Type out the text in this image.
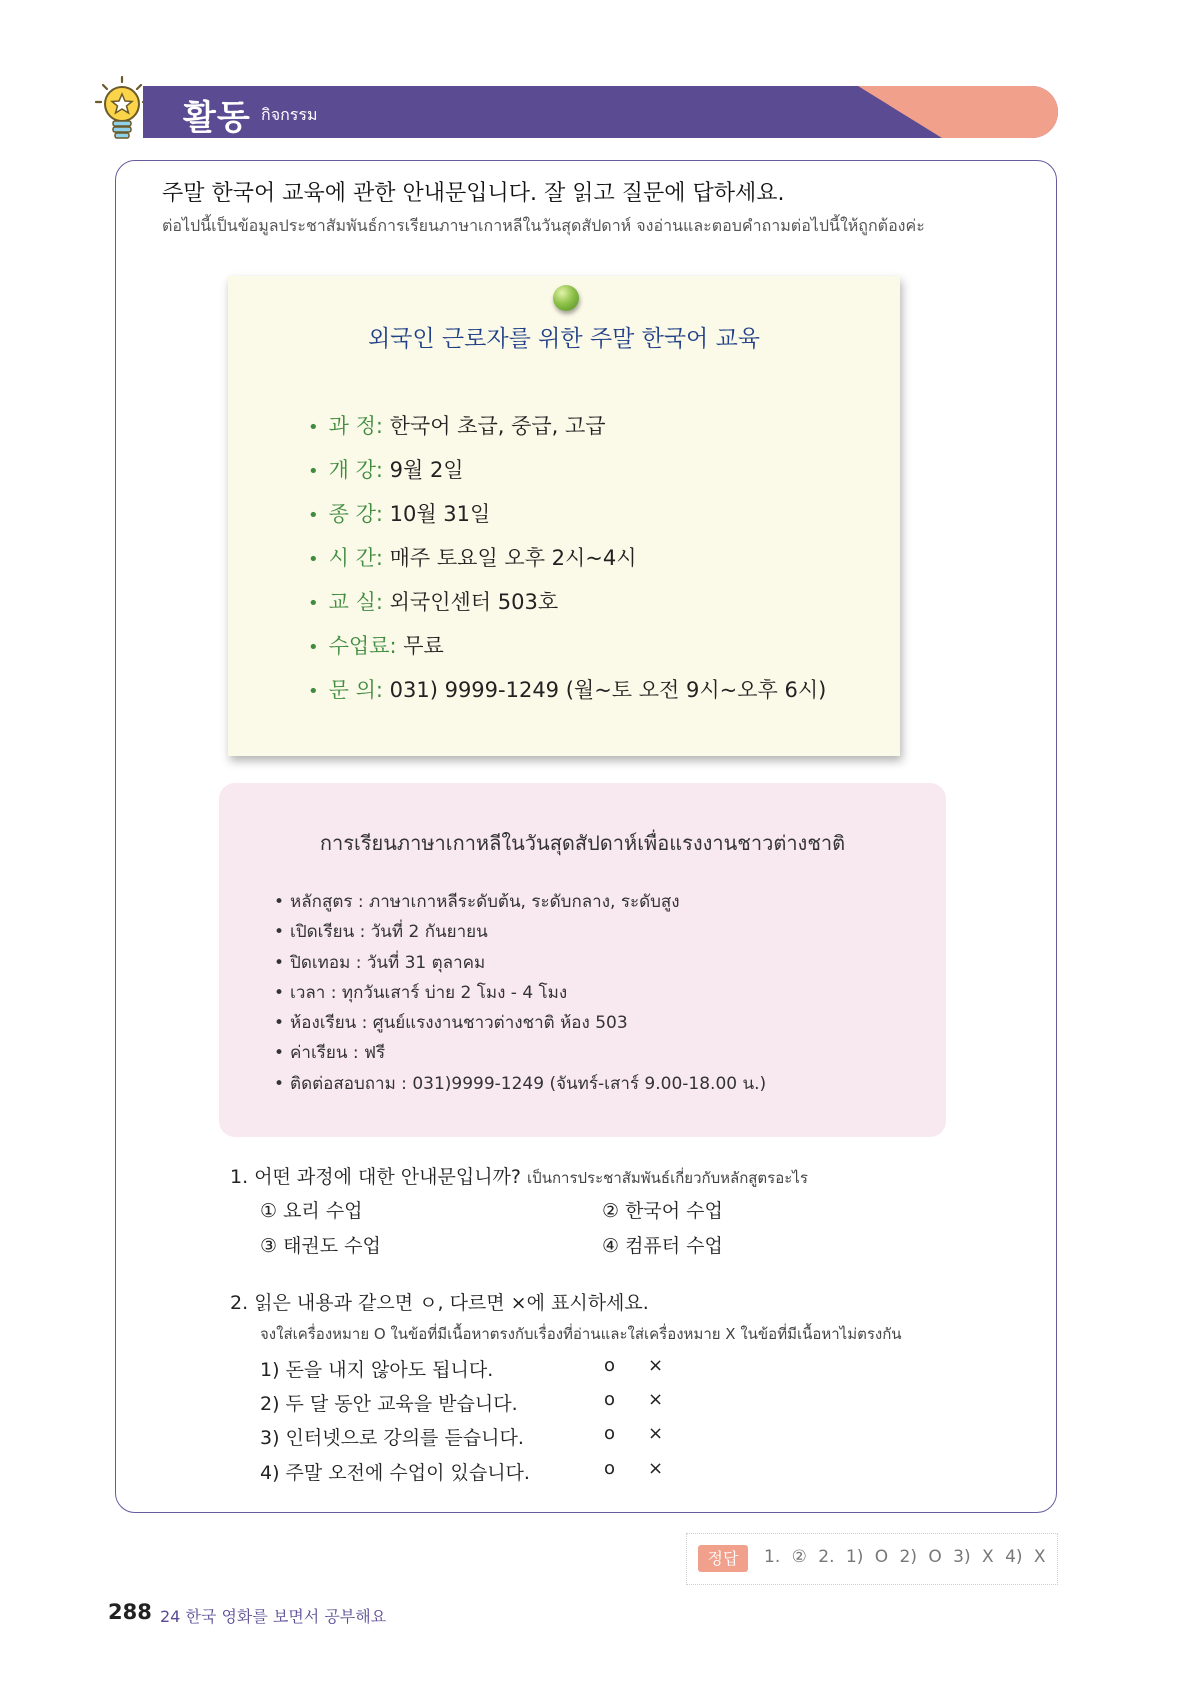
활동 กิจกรรม
주말 한국어 교육에 관한 안내문입니다. 잘 읽고 질문에 답하세요.
ต่อไปนี้เป็นข้อมูลประชาสัมพันธ์การเรียนภาษาเกาหลีในวันสุดสัปดาห์ จงอ่านและตอบคำถามต่อไปนี้ให้ถูกต้องค่ะ
외국인 근로자를 위한 주말 한국어 교육
• 과 정: 한국어 초급, 중급, 고급
• 개 강: 9월 2일
• 종 강: 10월 31일
• 시 간: 매주 토요일 오후 2시~4시
• 교 실: 외국인센터 503호
• 수업료: 무료
• 문 의: 031) 9999-1249 (월~토 오전 9시~오후 6시)
การเรียนภาษาเกาหลีในวันสุดสัปดาห์เพื่อแรงงานชาวต่างชาติ
• หลักสูตร : ภาษาเกาหลีระดับต้น, ระดับกลาง, ระดับสูง
• เปิดเรียน : วันที่ 2 กันยายน
• ปิดเทอม : วันที่ 31 ตุลาคม
• เวลา : ทุกวันเสาร์ บ่าย 2 โมง - 4 โมง
• ห้องเรียน : ศูนย์แรงงานชาวต่างชาติ ห้อง 503
• ค่าเรียน : ฟรี
• ติดต่อสอบถาม : 031)9999-1249 (จันทร์-เสาร์ 9.00-18.00 น.)
1. 어떤 과정에 대한 안내문입니까? เป็นการประชาสัมพันธ์เกี่ยวกับหลักสูตรอะไร
① 요리 수업	② 한국어 수업
③ 태권도 수업	④ 컴퓨터 수업
2. 읽은 내용과 같으면 ㅇ, 다르면 ×에 표시하세요.
จงใส่เครื่องหมาย O ในข้อที่มีเนื้อหาตรงกับเรื่องที่อ่านและใส่เครื่องหมาย X ในข้อที่มีเนื้อหาไม่ตรงกัน
1) 돈을 내지 않아도 됩니다.	o ×
2) 두 달 동안 교육을 받습니다.	o ×
3) 인터넷으로 강의를 듣습니다.	o ×
4) 주말 오전에 수업이 있습니다.	o ×
정답	1. ② 2. 1) O 2) O 3) X 4) X
288 24 한국 영화를 보면서 공부해요
